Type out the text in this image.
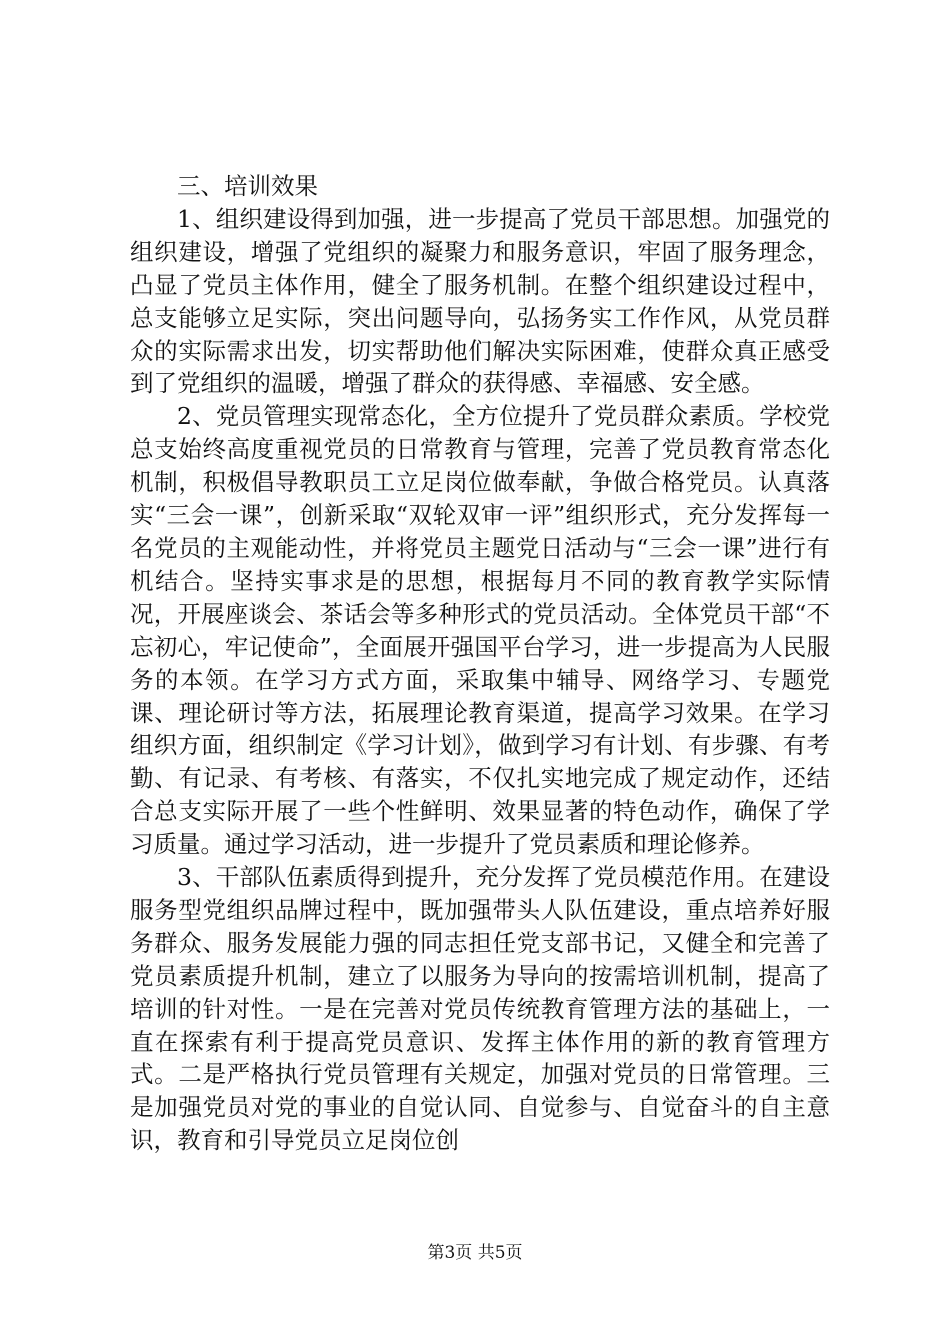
三、培训效果

1、组织建设得到加强，进一步提高了党员干部思想。加强党的组织建设，增强了党组织的凝聚力和服务意识，牢固了服务理念，凸显了党员主体作用，健全了服务机制。在整个组织建设过程中，总支能够立足实际，突出问题导向，弘扬务实工作作风，从党员群众的实际需求出发，切实帮助他们解决实际困难，使群众真正感受到了党组织的温暖，增强了群众的获得感、幸福感、安全感。

2、党员管理实现常态化，全方位提升了党员群众素质。学校党总支始终高度重视党员的日常教育与管理，完善了党员教育常态化机制，积极倡导教职员工立足岗位做奉献，争做合格党员。认真落实“三会一课”，创新采取“双轮双审一评”组织形式，充分发挥每一名党员的主观能动性，并将党员主题党日活动与“三会一课”进行有机结合。坚持实事求是的思想，根据每月不同的教育教学实际情况，开展座谈会、茶话会等多种形式的党员活动。全体党员干部“不忘初心，牢记使命”，全面展开强国平台学习，进一步提高为人民服务的本领。在学习方式方面，采取集中辅导、网络学习、专题党课、理论研讨等方法，拓展理论教育渠道，提高学习效果。在学习组织方面，组织制定《学习计划》，做到学习有计划、有步骤、有考勤、有记录、有考核、有落实，不仅扎实地完成了规定动作，还结合总支实际开展了一些个性鲜明、效果显著的特色动作，确保了学习质量。通过学习活动，进一步提升了党员素质和理论修养。

3、干部队伍素质得到提升，充分发挥了党员模范作用。在建设服务型党组织品牌过程中，既加强带头人队伍建设，重点培养好服务群众、服务发展能力强的同志担任党支部书记，又健全和完善了党员素质提升机制，建立了以服务为导向的按需培训机制，提高了培训的针对性。一是在完善对党员传统教育管理方法的基础上，一直在探索有利于提高党员意识、发挥主体作用的新的教育管理方式。二是严格执行党员管理有关规定，加强对党员的日常管理。三是加强党员对党的事业的自觉认同、自觉参与、自觉奋斗的自主意识，教育和引导党员立足岗位创

第3页 共5页
